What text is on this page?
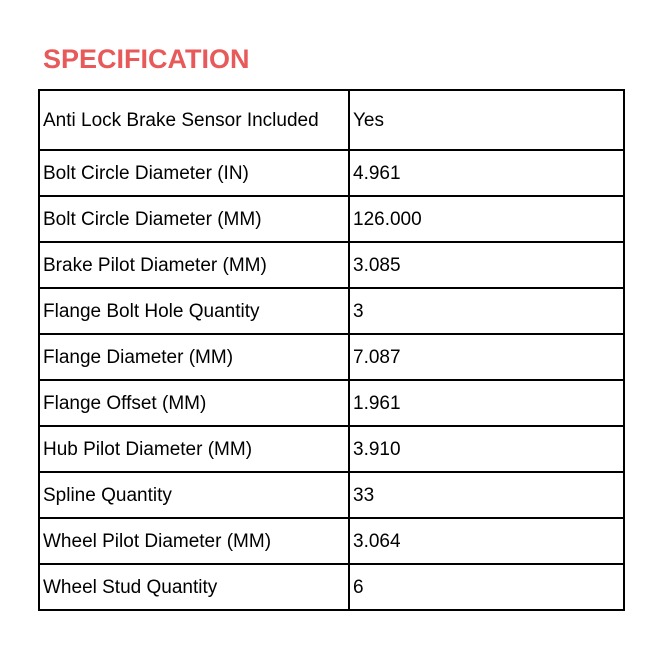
SPECIFICATION
Anti Lock Brake Sensor Included	Yes
Bolt Circle Diameter (IN)	4.961
Bolt Circle Diameter (MM)	126.000
Brake Pilot Diameter (MM)	3.085
Flange Bolt Hole Quantity	3
Flange Diameter (MM)	7.087
Flange Offset (MM)	1.961
Hub Pilot Diameter (MM)	3.910
Spline Quantity	33
Wheel Pilot Diameter (MM)	3.064
Wheel Stud Quantity	6
